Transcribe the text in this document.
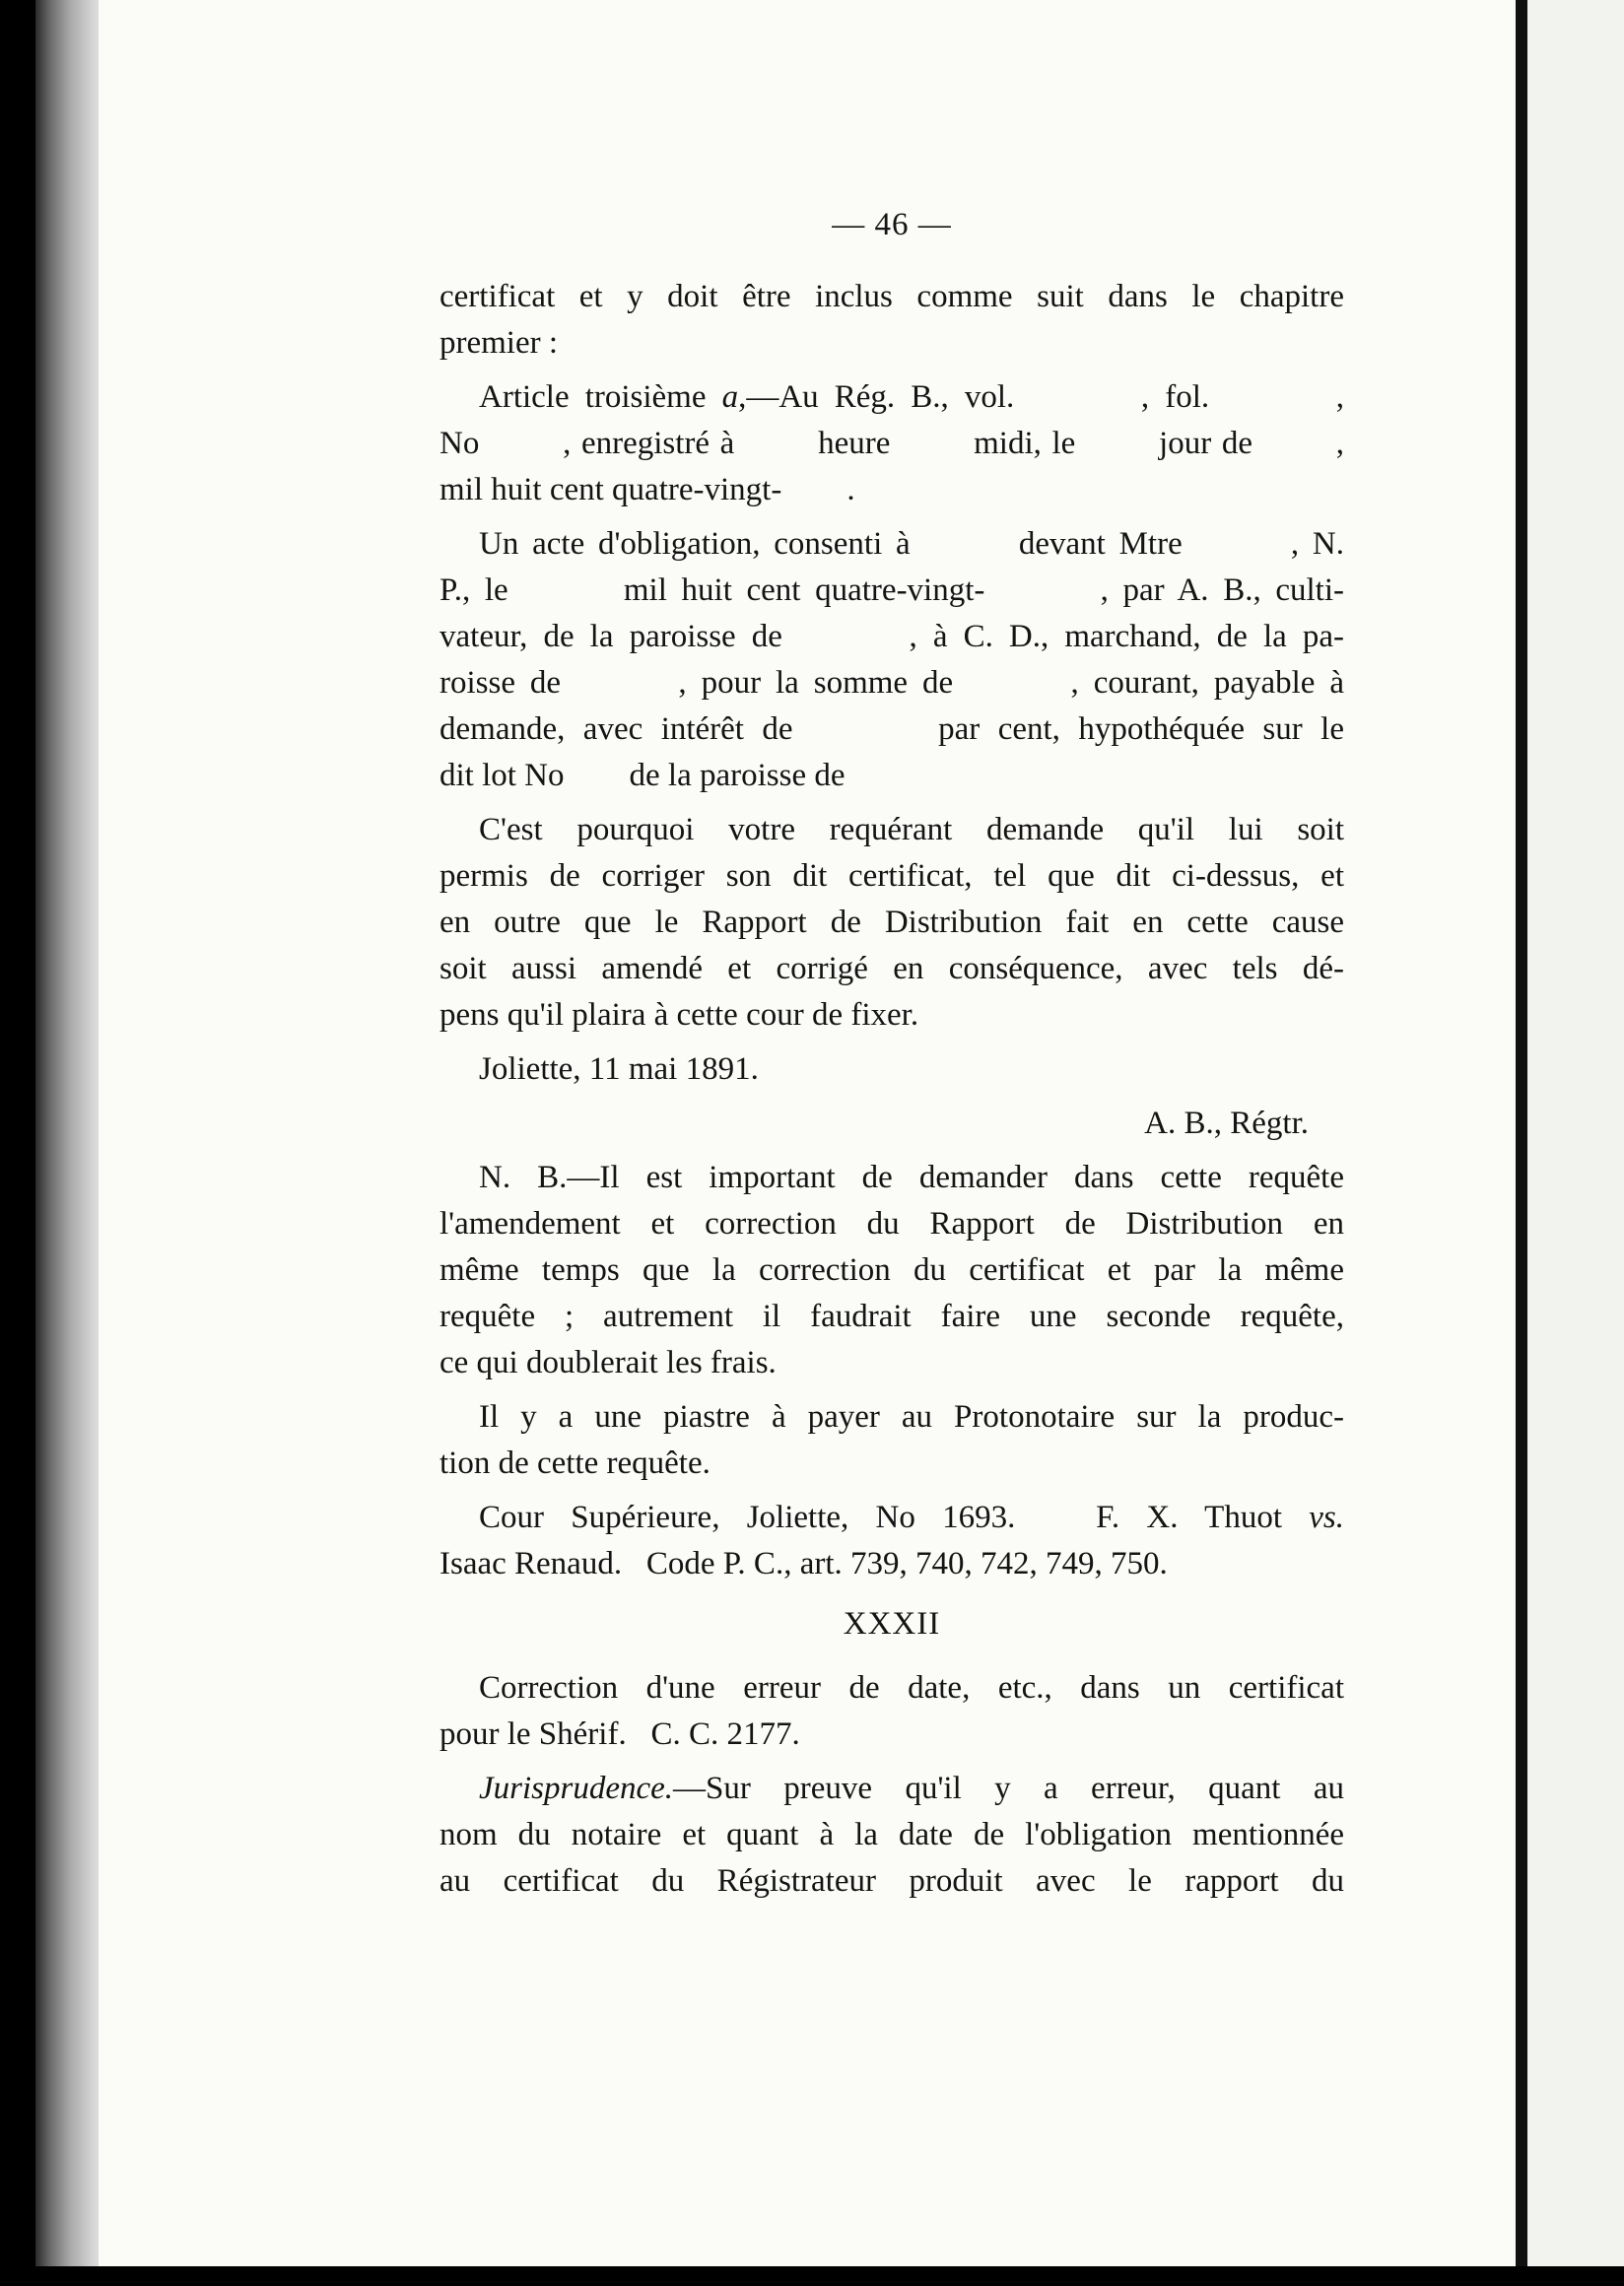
— 46 —
certificat et y doit être inclus comme suit dans le chapitre
premier :
Article troisième a,—Au Rég. B., vol.        , fol.        ,
No        , enregistré à        heure        midi, le        jour de        ,
mil huit cent quatre-vingt-        .
Un acte d'obligation, consenti à        devant Mtre        , N.
P., le        mil huit cent quatre-vingt-        , par A. B., culti-
vateur, de la paroisse de        , à C. D., marchand, de la pa-
roisse de        , pour la somme de        , courant, payable à
demande, avec intérêt de        par cent, hypothéquée sur le
dit lot No        de la paroisse de
C'est pourquoi votre requérant demande qu'il lui soit
permis de corriger son dit certificat, tel que dit ci-dessus, et
en outre que le Rapport de Distribution fait en cette cause
soit aussi amendé et corrigé en conséquence, avec tels dé-
pens qu'il plaira à cette cour de fixer.
Joliette, 11 mai 1891.
A. B., Régtr.
N. B.—Il est important de demander dans cette requête
l'amendement et correction du Rapport de Distribution en
même temps que la correction du certificat et par la même
requête ; autrement il faudrait faire une seconde requête,
ce qui doublerait les frais.
Il y a une piastre à payer au Protonotaire sur la produc-
tion de cette requête.
Cour Supérieure, Joliette, No 1693.   F. X. Thuot vs.
Isaac Renaud.   Code P. C., art. 739, 740, 742, 749, 750.
XXXII
Correction d'une erreur de date, etc., dans un certificat
pour le Shérif.   C. C. 2177.
Jurisprudence.—Sur preuve qu'il y a erreur, quant au
nom du notaire et quant à la date de l'obligation mentionnée
au certificat du Régistrateur produit avec le rapport du
